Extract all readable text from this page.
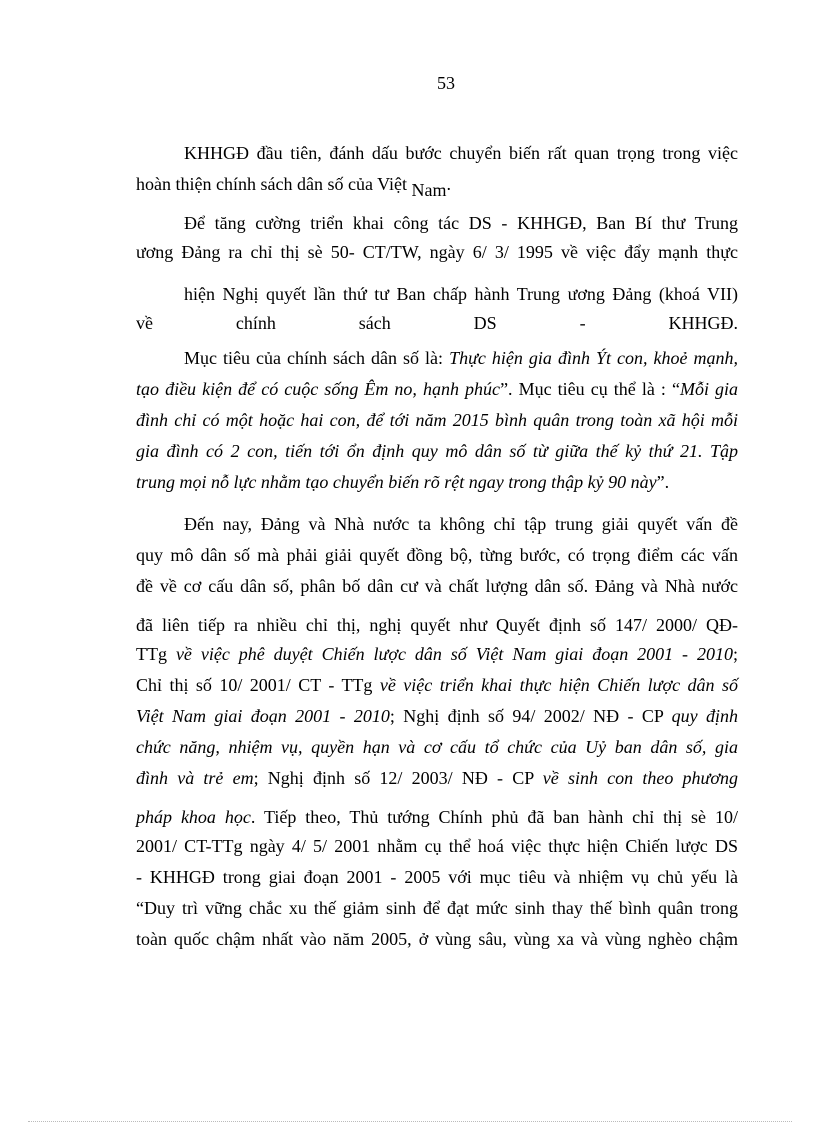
53
KHHGĐ đầu tiên, đánh dấu bước chuyển biến rất quan trọng trong việc
hoàn thiện chính sách dân số của Việt Nam.
Để tăng cường triển khai công tác DS - KHHGĐ, Ban Bí thư Trung
ương Đảng ra chỉ thị sè 50- CT/TW, ngày 6/ 3/ 1995 về việc đẩy mạnh thực
hiện Nghị quyết lần thứ tư Ban chấp hành Trung ương Đảng (khoá VII)
về chính sách DS - KHHGĐ.
Mục tiêu của chính sách dân số là: Thực hiện gia đình Ýt con, khoẻ mạnh,
tạo điều kiện để có cuộc sống Êm no, hạnh phúc”. Mục tiêu cụ thể là : “Mỗi gia
đình chỉ có một hoặc hai con, để tới năm 2015 bình quân trong toàn xã hội mỗi
gia đình có 2 con, tiến tới ổn định quy mô dân số từ giữa thế kỷ thứ 21. Tập
trung mọi nỗ lực nhằm tạo chuyển biến rõ rệt ngay trong thập kỷ 90 này”.
Đến nay, Đảng và Nhà nước ta không chỉ tập trung giải quyết vấn đề
quy mô dân số mà phải giải quyết đồng bộ, từng bước, có trọng điểm các vấn
đề về cơ cấu dân số, phân bố dân cư và chất lượng dân số. Đảng và Nhà nước
đã liên tiếp ra nhiều chỉ thị, nghị quyết như Quyết định số 147/ 2000/ QĐ-
TTg về việc phê duyệt Chiến lược dân số Việt Nam giai đoạn 2001 - 2010;
Chỉ thị số 10/ 2001/ CT - TTg về việc triển khai thực hiện Chiến lược dân số
Việt Nam giai đoạn 2001 - 2010; Nghị định số 94/ 2002/ NĐ - CP quy định
chức năng, nhiệm vụ, quyền hạn và cơ cấu tổ chức của Uỷ ban dân số, gia
đình và trẻ em; Nghị định số 12/ 2003/ NĐ - CP về sinh con theo phương
pháp khoa học. Tiếp theo, Thủ tướng Chính phủ đã ban hành chỉ thị sè 10/
2001/ CT-TTg ngày 4/ 5/ 2001 nhằm cụ thể hoá việc thực hiện Chiến lược DS
- KHHGĐ trong giai đoạn 2001 - 2005 với mục tiêu và nhiệm vụ chủ yếu là
“Duy trì vững chắc xu thế giảm sinh để đạt mức sinh thay thế bình quân trong
toàn quốc chậm nhất vào năm 2005, ở vùng sâu, vùng xa và vùng nghèo chậm
